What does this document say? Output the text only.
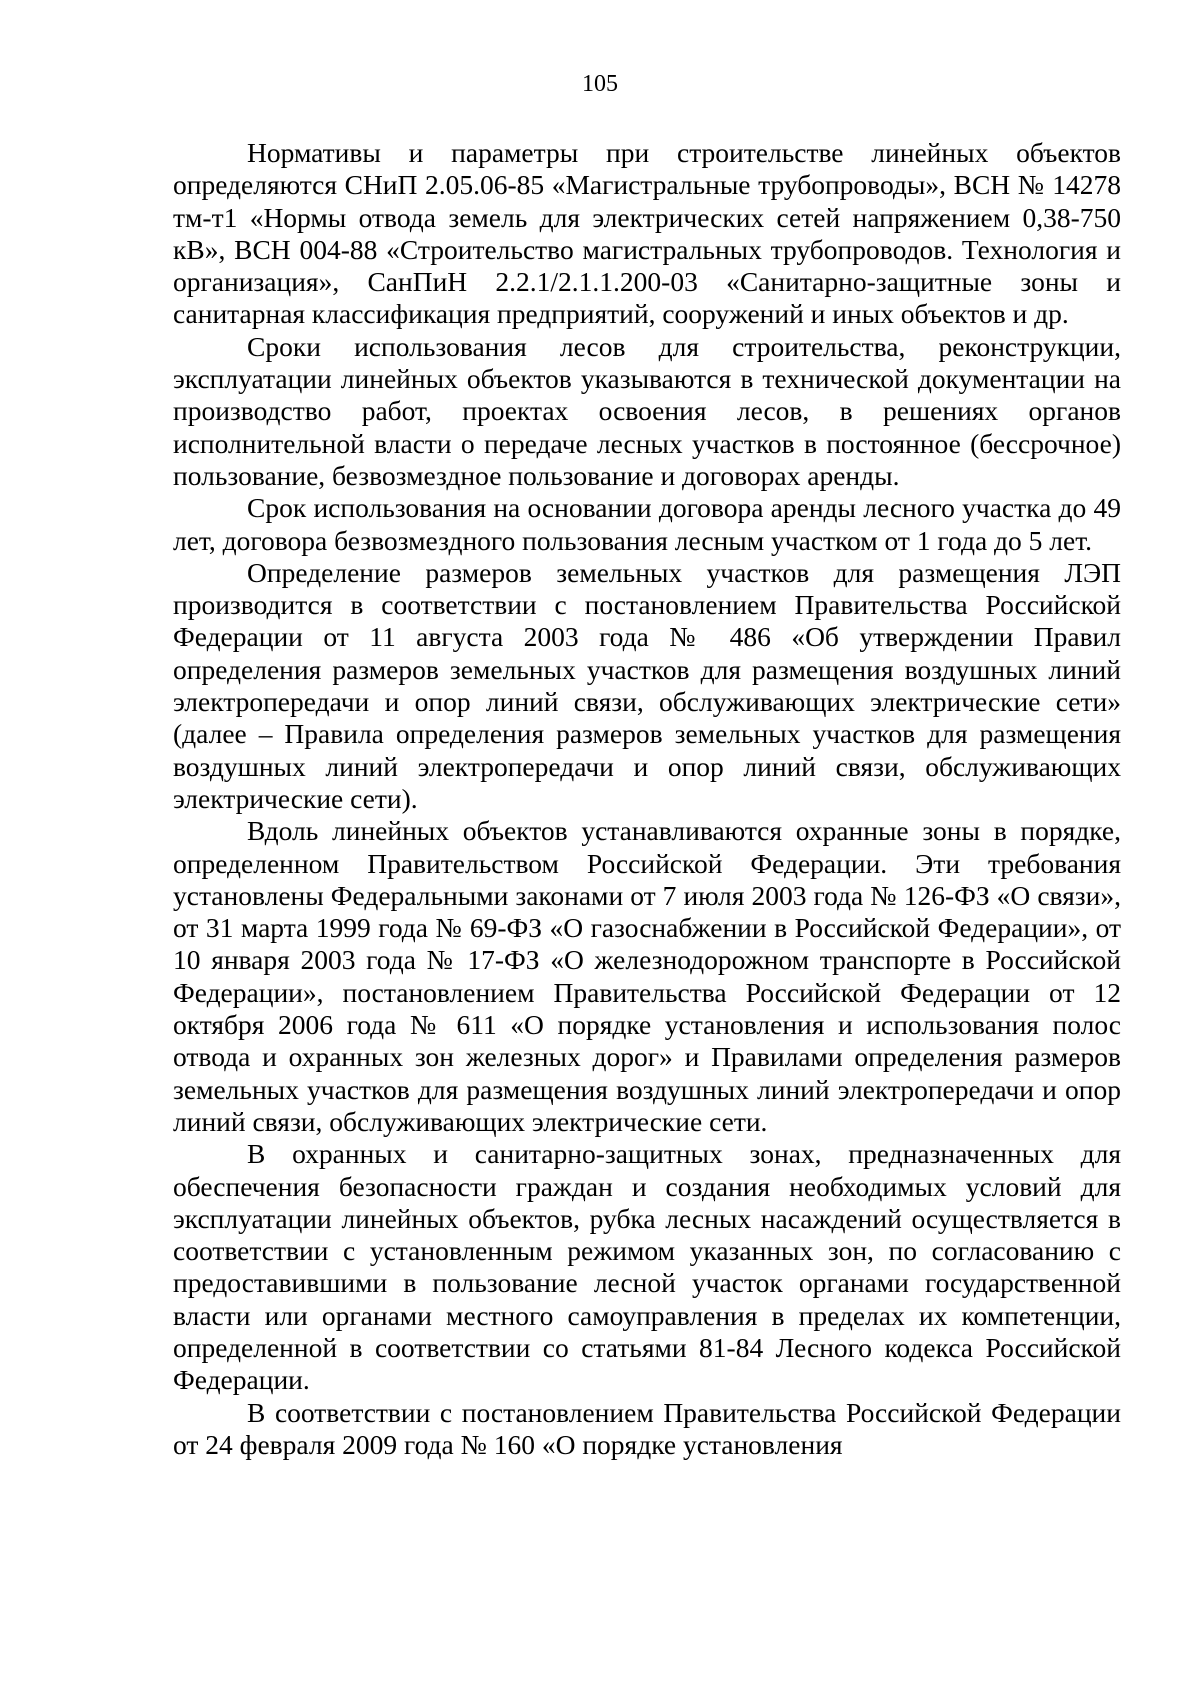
105

Нормативы и параметры при строительстве линейных объектов определяются СНиП 2.05.06-85 «Магистральные трубопроводы», ВСН № 14278 тм-т1 «Нормы отвода земель для электрических сетей напряжением 0,38-750 кВ», ВСН 004-88 «Строительство магистральных трубопроводов. Технология и организация», СанПиН 2.2.1/2.1.1.200-03 «Санитарно-защитные зоны и санитарная классификация предприятий, сооружений и иных объектов и др.

Сроки использования лесов для строительства, реконструкции, эксплуатации линейных объектов указываются в технической документации на производство работ, проектах освоения лесов, в решениях органов исполнительной власти о передаче лесных участков в постоянное (бессрочное) пользование, безвозмездное пользование и договорах аренды.

Срок использования на основании договора аренды лесного участка до 49 лет, договора безвозмездного пользования лесным участком от 1 года до 5 лет.

Определение размеров земельных участков для размещения ЛЭП производится в соответствии с постановлением Правительства Российской Федерации от 11 августа 2003 года № 486 «Об утверждении Правил определения размеров земельных участков для размещения воздушных линий электропередачи и опор линий связи, обслуживающих электрические сети» (далее – Правила определения размеров земельных участков для размещения воздушных линий электропередачи и опор линий связи, обслуживающих электрические сети).

Вдоль линейных объектов устанавливаются охранные зоны в порядке, определенном Правительством Российской Федерации. Эти требования установлены Федеральными законами от 7 июля 2003 года № 126-ФЗ «О связи», от 31 марта 1999 года № 69-ФЗ «О газоснабжении в Российской Федерации», от 10 января 2003 года № 17-ФЗ «О железнодорожном транспорте в Российской Федерации», постановлением Правительства Российской Федерации от 12 октября 2006 года № 611 «О порядке установления и использования полос отвода и охранных зон железных дорог» и Правилами определения размеров земельных участков для размещения воздушных линий электропередачи и опор линий связи, обслуживающих электрические сети.

В охранных и санитарно-защитных зонах, предназначенных для обеспечения безопасности граждан и создания необходимых условий для эксплуатации линейных объектов, рубка лесных насаждений осуществляется в соответствии с установленным режимом указанных зон, по согласованию с предоставившими в пользование лесной участок органами государственной власти или органами местного самоуправления в пределах их компетенции, определенной в соответствии со статьями 81-84 Лесного кодекса Российской Федерации.

В соответствии с постановлением Правительства Российской Федерации от 24 февраля 2009 года № 160 «О порядке установления
